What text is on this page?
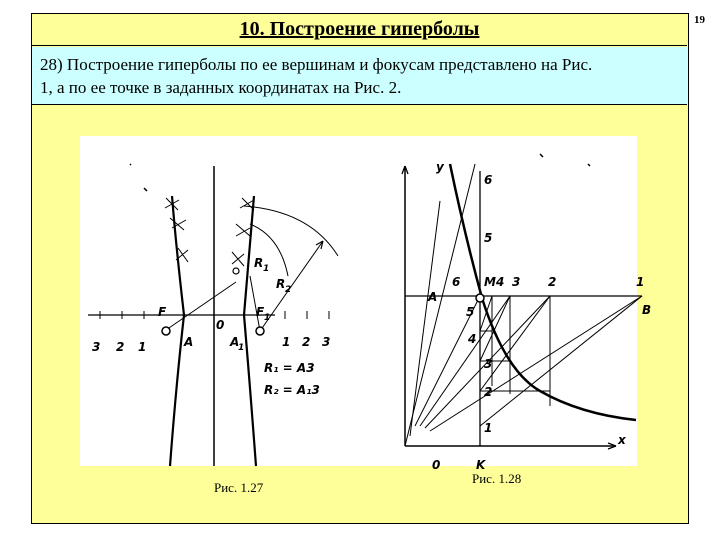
19
10. Построение гиперболы
28) Построение гиперболы по ее вершинам и фокусам представлено на Рис.
1, а по ее точке в заданных координатах на Рис. 2.
F	F 1
0
A	A
1
R 1
R 2
3 2 1	1 2 3
R₁ = A3
R₂ = A₁3
y
x
0	K
A
B
M
6
5
4
3
2
1
6	4 3 2	1
5
Рис. 1.27
Рис. 1.28
